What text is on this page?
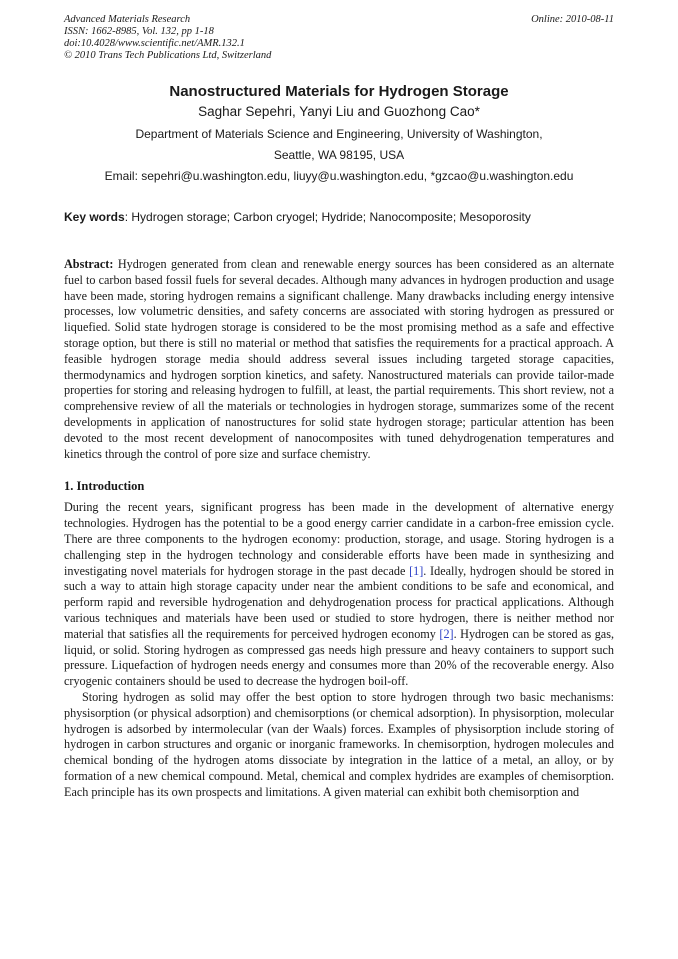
Advanced Materials Research
ISSN: 1662-8985, Vol. 132, pp 1-18
doi:10.4028/www.scientific.net/AMR.132.1
© 2010 Trans Tech Publications Ltd, Switzerland
Online: 2010-08-11
Nanostructured Materials for Hydrogen Storage
Saghar Sepehri, Yanyi Liu and Guozhong Cao*
Department of Materials Science and Engineering, University of Washington,
Seattle, WA 98195, USA
Email: sepehri@u.washington.edu, liuyy@u.washington.edu, *gzcao@u.washington.edu
Key words: Hydrogen storage; Carbon cryogel; Hydride; Nanocomposite; Mesoporosity
Abstract: Hydrogen generated from clean and renewable energy sources has been considered as an alternate fuel to carbon based fossil fuels for several decades. Although many advances in hydrogen production and usage have been made, storing hydrogen remains a significant challenge. Many drawbacks including energy intensive processes, low volumetric densities, and safety concerns are associated with storing hydrogen as pressured or liquefied. Solid state hydrogen storage is considered to be the most promising method as a safe and effective storage option, but there is still no material or method that satisfies the requirements for a practical approach. A feasible hydrogen storage media should address several issues including targeted storage capacities, thermodynamics and hydrogen sorption kinetics, and safety. Nanostructured materials can provide tailor-made properties for storing and releasing hydrogen to fulfill, at least, the partial requirements. This short review, not a comprehensive review of all the materials or technologies in hydrogen storage, summarizes some of the recent developments in application of nanostructures for solid state hydrogen storage; particular attention has been devoted to the most recent development of nanocomposites with tuned dehydrogenation temperatures and kinetics through the control of pore size and surface chemistry.
1. Introduction
During the recent years, significant progress has been made in the development of alternative energy technologies. Hydrogen has the potential to be a good energy carrier candidate in a carbon-free emission cycle. There are three components to the hydrogen economy: production, storage, and usage. Storing hydrogen is a challenging step in the hydrogen technology and considerable efforts have been made in synthesizing and investigating novel materials for hydrogen storage in the past decade [1]. Ideally, hydrogen should be stored in such a way to attain high storage capacity under near the ambient conditions to be safe and economical, and perform rapid and reversible hydrogenation and dehydrogenation process for practical applications. Although various techniques and materials have been used or studied to store hydrogen, there is neither method nor material that satisfies all the requirements for perceived hydrogen economy [2]. Hydrogen can be stored as gas, liquid, or solid. Storing hydrogen as compressed gas needs high pressure and heavy containers to support such pressure. Liquefaction of hydrogen needs energy and consumes more than 20% of the recoverable energy. Also cryogenic containers should be used to decrease the hydrogen boil-off.
Storing hydrogen as solid may offer the best option to store hydrogen through two basic mechanisms: physisorption (or physical adsorption) and chemisorptions (or chemical adsorption). In physisorption, molecular hydrogen is adsorbed by intermolecular (van der Waals) forces. Examples of physisorption include storing of hydrogen in carbon structures and organic or inorganic frameworks. In chemisorption, hydrogen molecules and chemical bonding of the hydrogen atoms dissociate by integration in the lattice of a metal, an alloy, or by formation of a new chemical compound. Metal, chemical and complex hydrides are examples of chemisorption. Each principle has its own prospects and limitations. A given material can exhibit both chemisorption and
